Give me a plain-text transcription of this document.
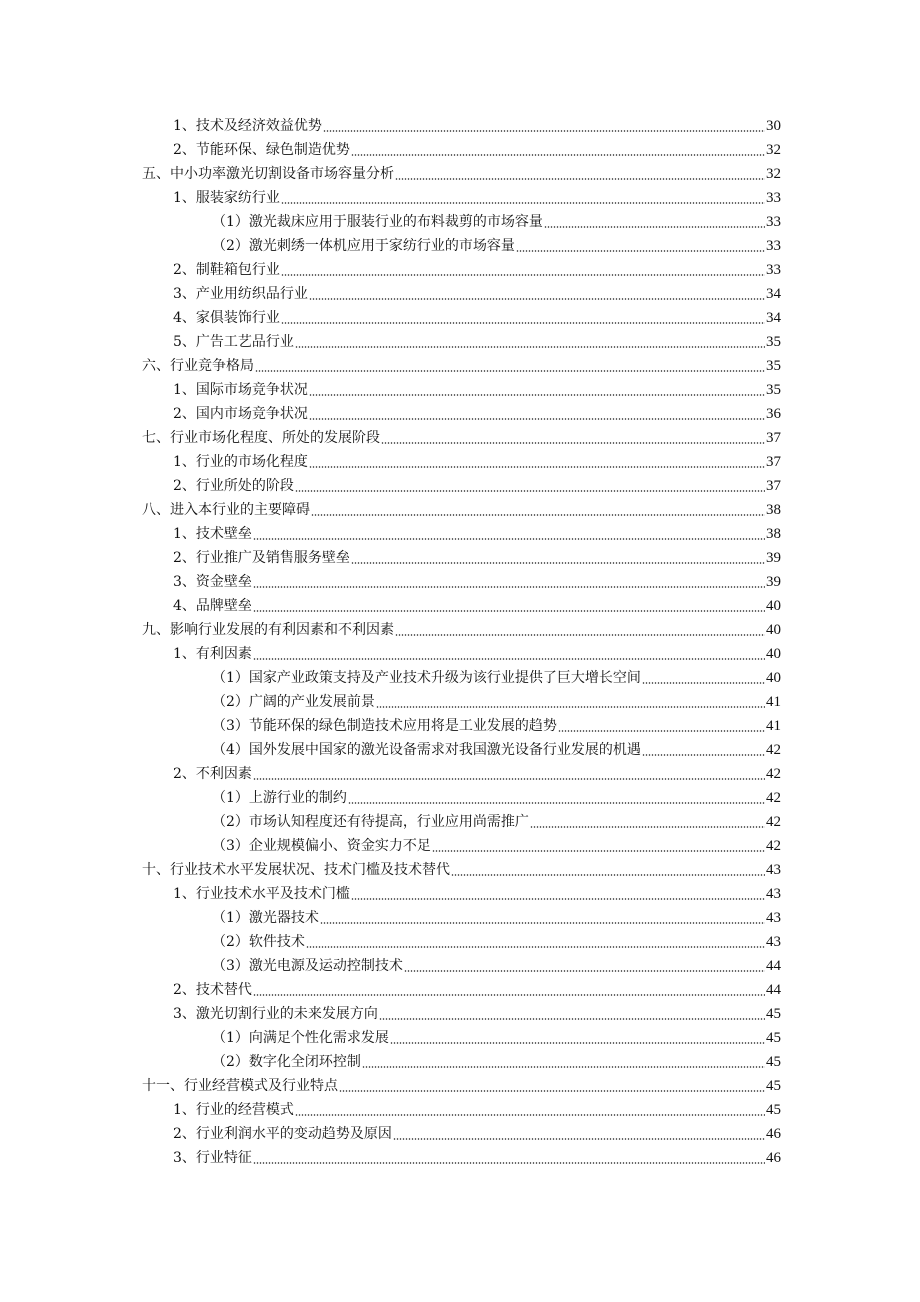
1、技术及经济效益优势	30
2、节能环保、绿色制造优势	32
五、中小功率激光切割设备市场容量分析	32
1、服装家纺行业	33
（1）激光裁床应用于服装行业的布料裁剪的市场容量	33
（2）激光刺绣一体机应用于家纺行业的市场容量	33
2、制鞋箱包行业	33
3、产业用纺织品行业	34
4、家俱装饰行业	34
5、广告工艺品行业	35
六、行业竞争格局	35
1、国际市场竞争状况	35
2、国内市场竞争状况	36
七、行业市场化程度、所处的发展阶段	37
1、行业的市场化程度	37
2、行业所处的阶段	37
八、进入本行业的主要障碍	38
1、技术壁垒	38
2、行业推广及销售服务壁垒	39
3、资金壁垒	39
4、品牌壁垒	40
九、影响行业发展的有利因素和不利因素	40
1、有利因素	40
（1）国家产业政策支持及产业技术升级为该行业提供了巨大增长空间	40
（2）广阔的产业发展前景	41
（3）节能环保的绿色制造技术应用将是工业发展的趋势	41
（4）国外发展中国家的激光设备需求对我国激光设备行业发展的机遇	42
2、不利因素	42
（1）上游行业的制约	42
（2）市场认知程度还有待提高，行业应用尚需推广	42
（3）企业规模偏小、资金实力不足	42
十、行业技术水平发展状况、技术门槛及技术替代	43
1、行业技术水平及技术门槛	43
（1）激光器技术	43
（2）软件技术	43
（3）激光电源及运动控制技术	44
2、技术替代	44
3、激光切割行业的未来发展方向	45
（1）向满足个性化需求发展	45
（2）数字化全闭环控制	45
十一、行业经营模式及行业特点	45
1、行业的经营模式	45
2、行业利润水平的变动趋势及原因	46
3、行业特征	46
